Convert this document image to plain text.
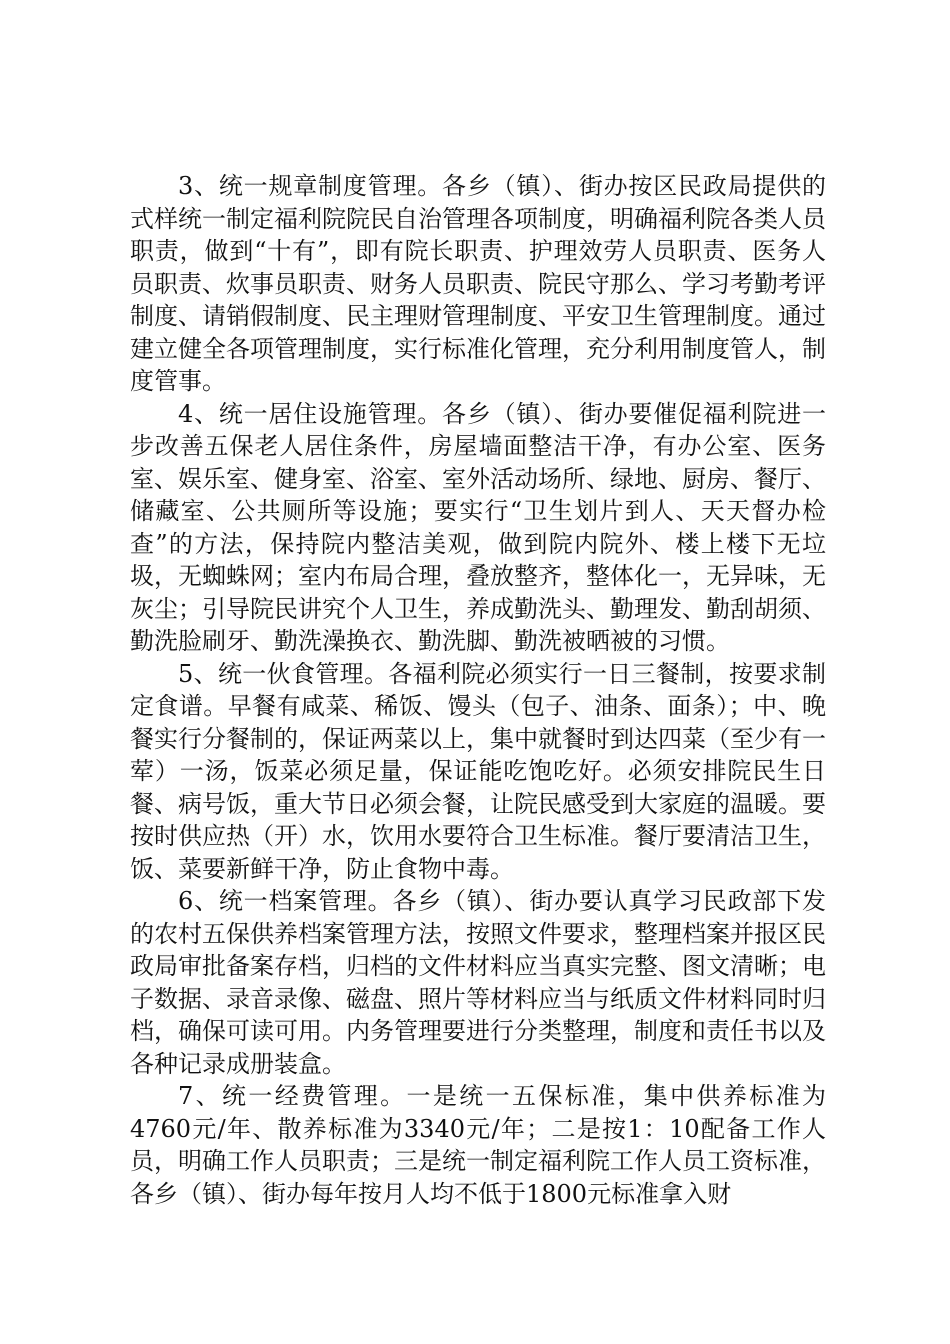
3、统一规章制度管理。各乡（镇）、街办按区民政局提供的式样统一制定福利院院民自治管理各项制度，明确福利院各类人员职责，做到“十有”，即有院长职责、护理效劳人员职责、医务人员职责、炊事员职责、财务人员职责、院民守那么、学习考勤考评制度、请销假制度、民主理财管理制度、平安卫生管理制度。通过建立健全各项管理制度，实行标准化管理，充分利用制度管人，制度管事。

4、统一居住设施管理。各乡（镇）、街办要催促福利院进一步改善五保老人居住条件，房屋墙面整洁干净，有办公室、医务室、娱乐室、健身室、浴室、室外活动场所、绿地、厨房、餐厅、储藏室、公共厕所等设施；要实行“卫生划片到人、天天督办检查”的方法，保持院内整洁美观，做到院内院外、楼上楼下无垃圾，无蜘蛛网；室内布局合理，叠放整齐，整体化一，无异味，无灰尘；引导院民讲究个人卫生，养成勤洗头、勤理发、勤刮胡须、勤洗脸刷牙、勤洗澡换衣、勤洗脚、勤洗被晒被的习惯。

5、统一伙食管理。各福利院必须实行一日三餐制，按要求制定食谱。早餐有咸菜、稀饭、馒头（包子、油条、面条）；中、晚餐实行分餐制的，保证两菜以上，集中就餐时到达四菜（至少有一荤）一汤，饭菜必须足量，保证能吃饱吃好。必须安排院民生日餐、病号饭，重大节日必须会餐，让院民感受到大家庭的温暖。要按时供应热（开）水，饮用水要符合卫生标准。餐厅要清洁卫生，饭、菜要新鲜干净，防止食物中毒。

6、统一档案管理。各乡（镇）、街办要认真学习民政部下发的农村五保供养档案管理方法，按照文件要求，整理档案并报区民政局审批备案存档，归档的文件材料应当真实完整、图文清晰；电子数据、录音录像、磁盘、照片等材料应当与纸质文件材料同时归档，确保可读可用。内务管理要进行分类整理，制度和责任书以及各种记录成册装盒。

7、统一经费管理。一是统一五保标准，集中供养标准为4760元/年、散养标准为3340元/年；二是按1：10配备工作人员，明确工作人员职责；三是统一制定福利院工作人员工资标准，各乡（镇）、街办每年按月人均不低于1800元标准拿入财
